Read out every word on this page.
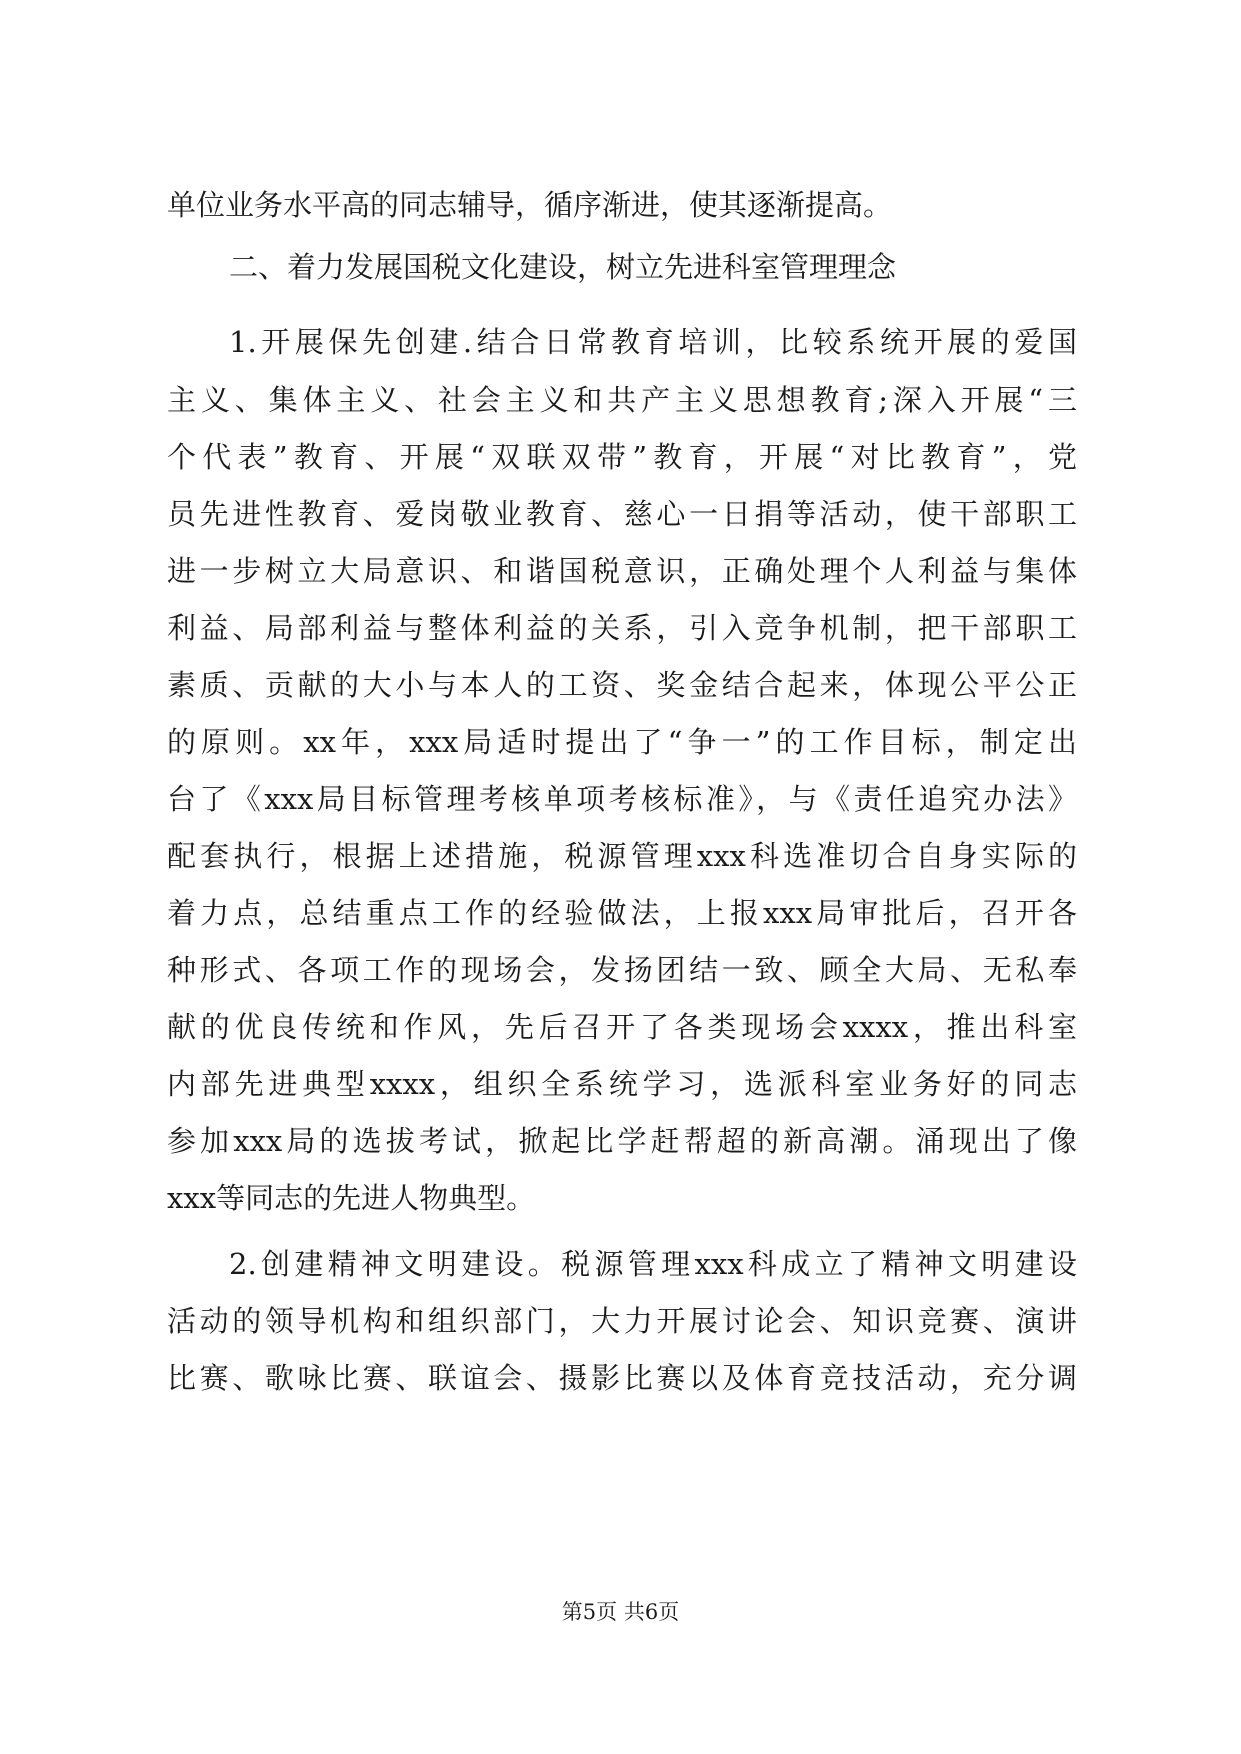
单位业务水平高的同志辅导，循序渐进，使其逐渐提高。
二、着力发展国税文化建设，树立先进科室管理理念
1.开展保先创建.结合日常教育培训，比较系统开展的爱国
主义、集体主义、社会主义和共产主义思想教育;深入开展“三
个代表”教育、开展“双联双带”教育，开展“对比教育”，党
员先进性教育、爱岗敬业教育、慈心一日捐等活动，使干部职工
进一步树立大局意识、和谐国税意识，正确处理个人利益与集体
利益、局部利益与整体利益的关系，引入竞争机制，把干部职工
素质、贡献的大小与本人的工资、奖金结合起来，体现公平公正
的原则。xx年，xxx局适时提出了“争一”的工作目标，制定出
台了《xxx局目标管理考核单项考核标准》，与《责任追究办法》
配套执行，根据上述措施，税源管理xxx科选准切合自身实际的
着力点，总结重点工作的经验做法，上报xxx局审批后，召开各
种形式、各项工作的现场会，发扬团结一致、顾全大局、无私奉
献的优良传统和作风，先后召开了各类现场会xxxx，推出科室
内部先进典型xxxx，组织全系统学习，选派科室业务好的同志
参加xxx局的选拔考试，掀起比学赶帮超的新高潮。涌现出了像
xxx等同志的先进人物典型。
2.创建精神文明建设。税源管理xxx科成立了精神文明建设
活动的领导机构和组织部门，大力开展讨论会、知识竞赛、演讲
比赛、歌咏比赛、联谊会、摄影比赛以及体育竞技活动，充分调
第5页 共6页
